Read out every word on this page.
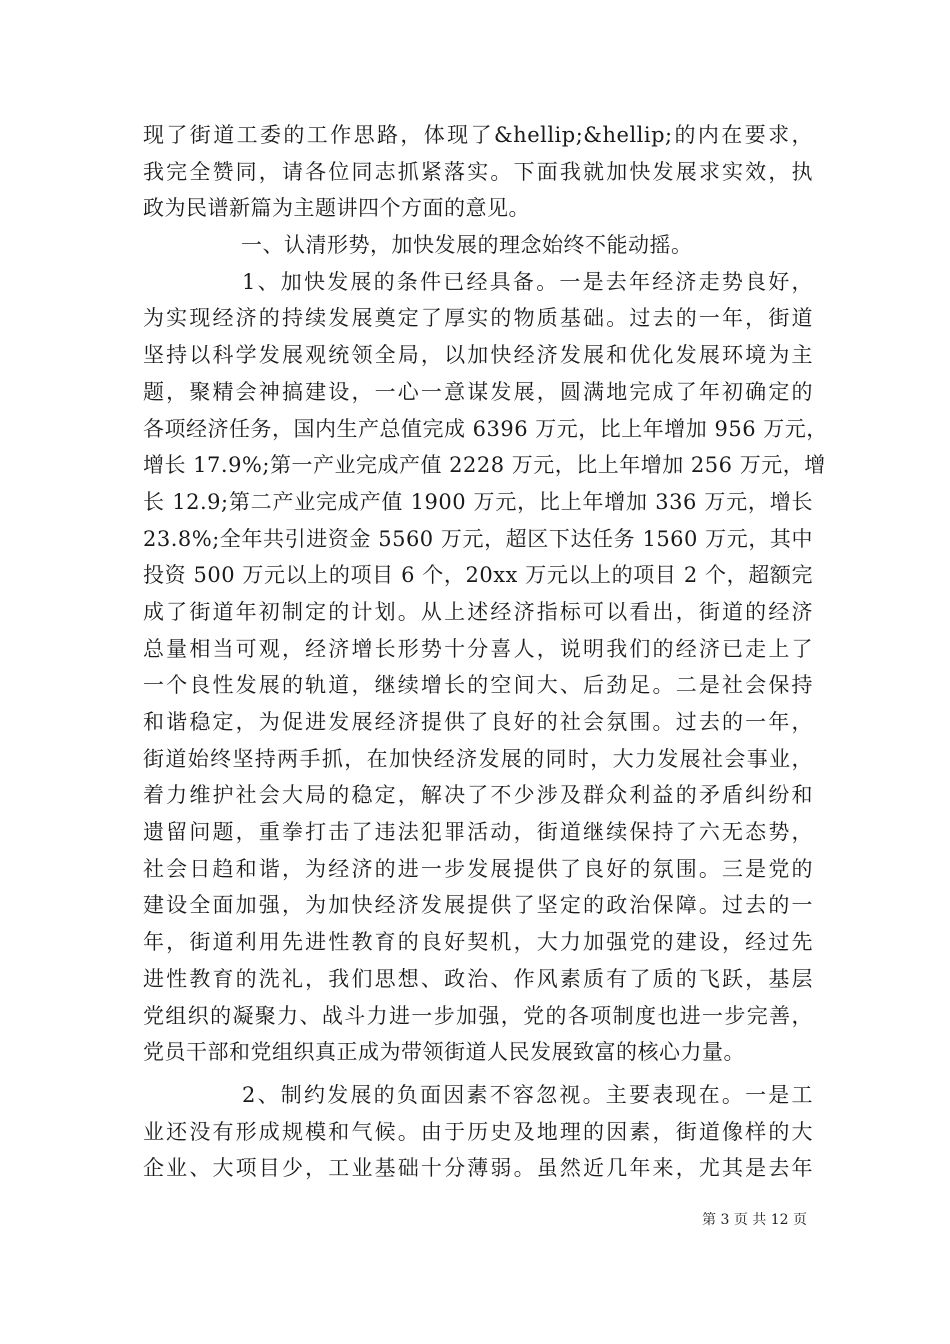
现了街道工委的工作思路，体现了&hellip;&hellip;的内在要求，
我完全赞同，请各位同志抓紧落实。下面我就加快发展求实效，执
政为民谱新篇为主题讲四个方面的意见。
一、认清形势，加快发展的理念始终不能动摇。
1、加快发展的条件已经具备。一是去年经济走势良好，
为实现经济的持续发展奠定了厚实的物质基础。过去的一年，街道
坚持以科学发展观统领全局，以加快经济发展和优化发展环境为主
题，聚精会神搞建设，一心一意谋发展，圆满地完成了年初确定的
各项经济任务，国内生产总值完成 6396 万元，比上年增加 956 万元，
增长 17.9%;第一产业完成产值 2228 万元，比上年增加 256 万元，增
长 12.9;第二产业完成产值 1900 万元，比上年增加 336 万元，增长
23.8%;全年共引进资金 5560 万元，超区下达任务 1560 万元，其中
投资 500 万元以上的项目 6 个，20xx 万元以上的项目 2 个，超额完
成了街道年初制定的计划。从上述经济指标可以看出，街道的经济
总量相当可观，经济增长形势十分喜人，说明我们的经济已走上了
一个良性发展的轨道，继续增长的空间大、后劲足。二是社会保持
和谐稳定，为促进发展经济提供了良好的社会氛围。过去的一年，
街道始终坚持两手抓，在加快经济发展的同时，大力发展社会事业，
着力维护社会大局的稳定，解决了不少涉及群众利益的矛盾纠纷和
遗留问题，重拳打击了违法犯罪活动，街道继续保持了六无态势，
社会日趋和谐，为经济的进一步发展提供了良好的氛围。三是党的
建设全面加强，为加快经济发展提供了坚定的政治保障。过去的一
年，街道利用先进性教育的良好契机，大力加强党的建设，经过先
进性教育的洗礼，我们思想、政治、作风素质有了质的飞跃，基层
党组织的凝聚力、战斗力进一步加强，党的各项制度也进一步完善，
党员干部和党组织真正成为带领街道人民发展致富的核心力量。
2、制约发展的负面因素不容忽视。主要表现在。一是工
业还没有形成规模和气候。由于历史及地理的因素，街道像样的大
企业、大项目少，工业基础十分薄弱。虽然近几年来，尤其是去年
第 3 页 共 12 页
